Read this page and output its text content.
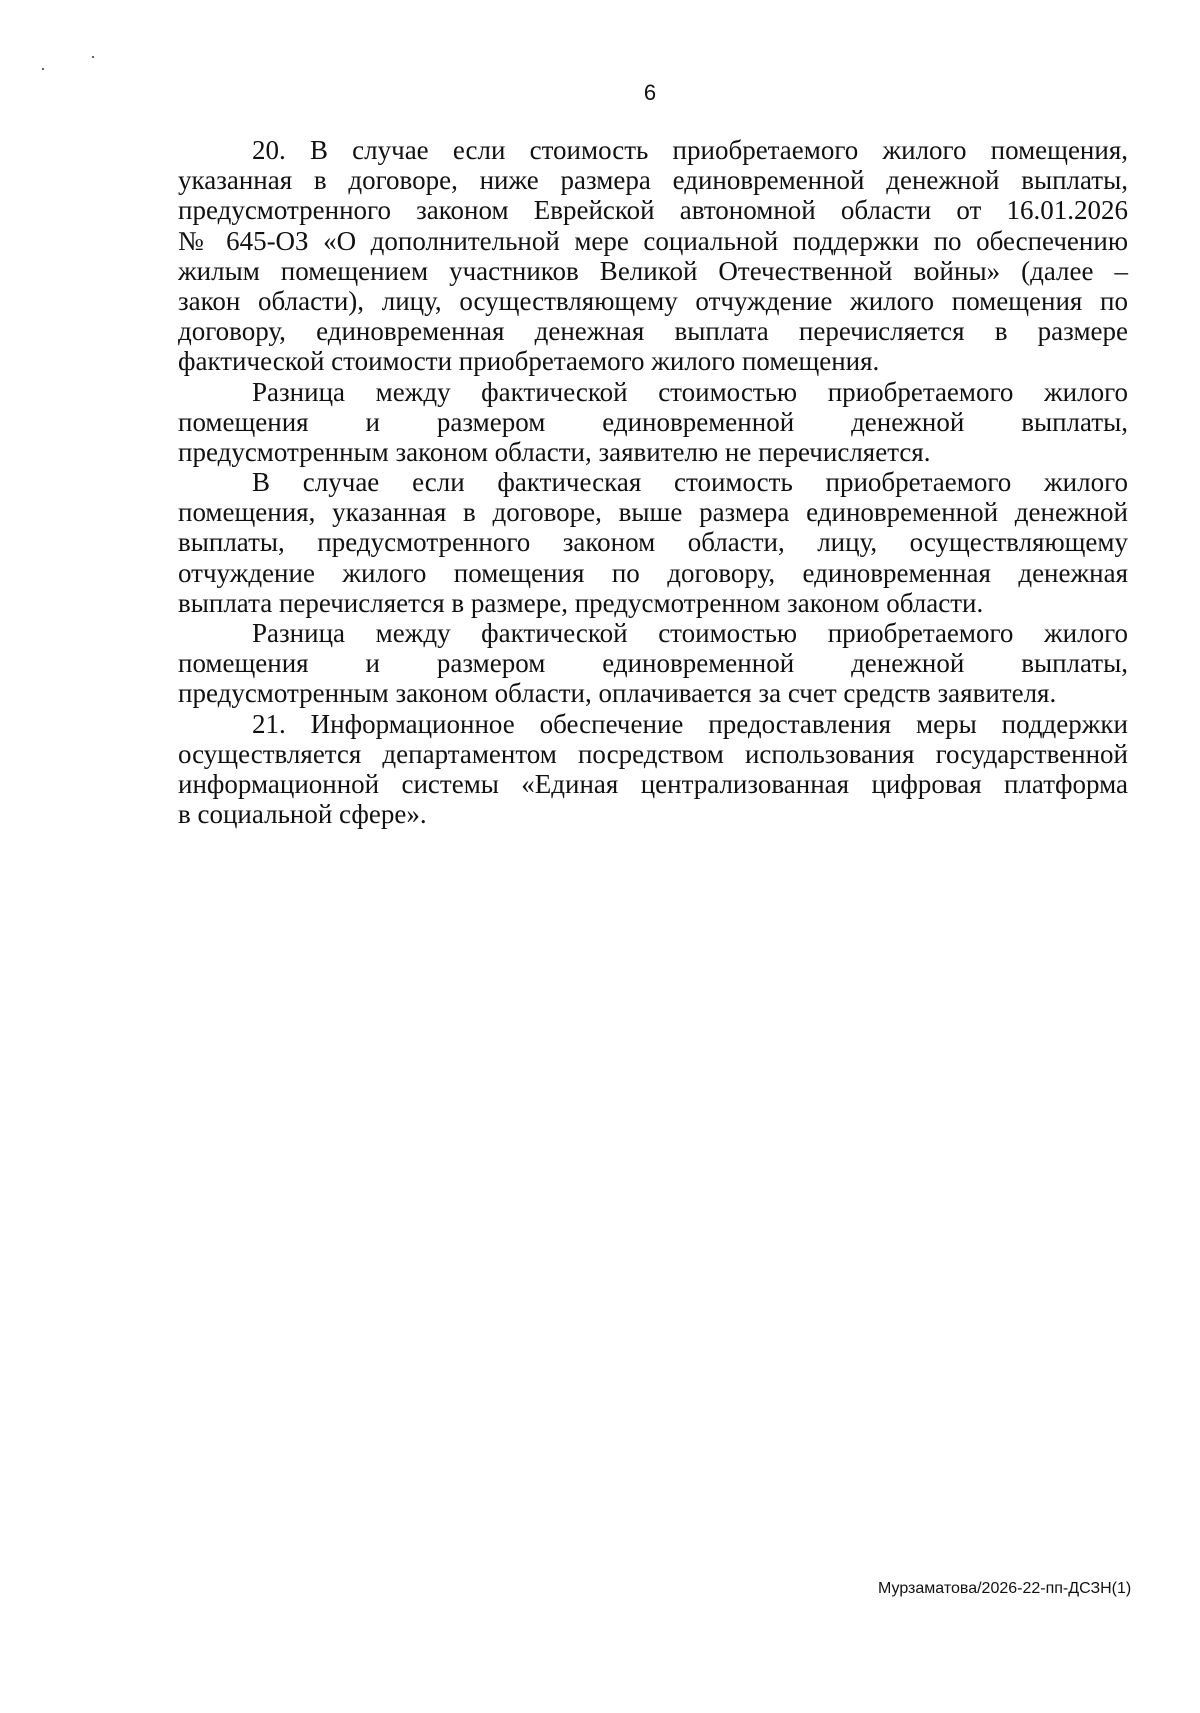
6
20. В случае если стоимость приобретаемого жилого помещения,
указанная в договоре, ниже размера единовременной денежной выплаты,
предусмотренного законом Еврейской автономной области от 16.01.2026
№ 645-ОЗ «О дополнительной мере социальной поддержки по обеспечению
жилым помещением участников Великой Отечественной войны» (далее –
закон области), лицу, осуществляющему отчуждение жилого помещения по
договору, единовременная денежная выплата перечисляется в размере
фактической стоимости приобретаемого жилого помещения.
Разница между фактической стоимостью приобретаемого жилого
помещения и размером единовременной денежной выплаты,
предусмотренным законом области, заявителю не перечисляется.
В случае если фактическая стоимость приобретаемого жилого
помещения, указанная в договоре, выше размера единовременной денежной
выплаты, предусмотренного законом области, лицу, осуществляющему
отчуждение жилого помещения по договору, единовременная денежная
выплата перечисляется в размере, предусмотренном законом области.
Разница между фактической стоимостью приобретаемого жилого
помещения и размером единовременной денежной выплаты,
предусмотренным законом области, оплачивается за счет средств заявителя.
21. Информационное обеспечение предоставления меры поддержки
осуществляется департаментом посредством использования государственной
информационной системы «Единая централизованная цифровая платформа
в социальной сфере».
Мурзаматова/2026-22-пп-ДСЗН(1)
